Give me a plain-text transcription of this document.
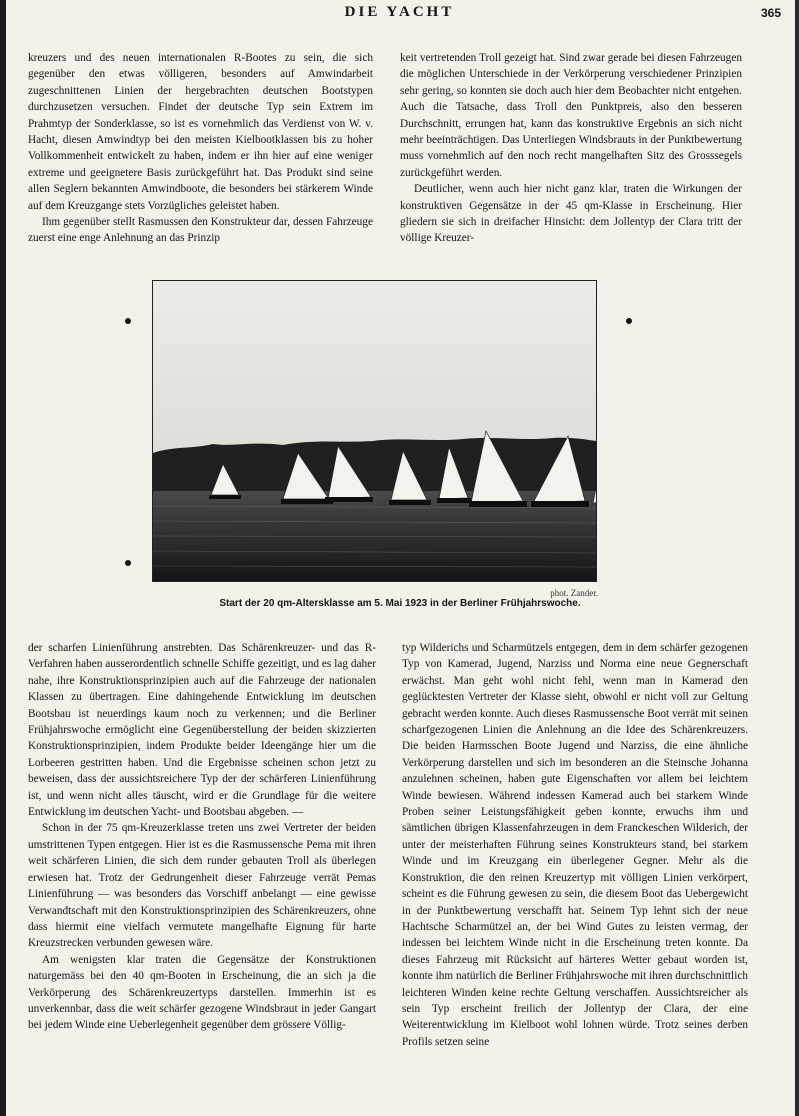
DIE YACHT	365

kreuzers und des neuen internationalen R-Bootes zu sein, die sich gegenüber den etwas völligeren, besonders auf Amwindarbeit zugeschnittenen Linien der hergebrachten deutschen Bootstypen durchzusetzen versuchen. Findet der deutsche Typ sein Extrem im Prahmtyp der Sonderklasse, so ist es vornehmlich das Verdienst von W. v. Hacht, diesen Amwindtyp bei den meisten Kielbootklassen bis zu hoher Vollkommenheit entwickelt zu haben, indem er ihn hier auf eine weniger extreme und geeignetere Basis zurückgeführt hat. Das Produkt sind seine allen Seglern bekannten Amwindboote, die besonders bei stärkerem Winde auf dem Kreuzgange stets Vorzügliches geleistet haben.

Ihm gegenüber stellt Rasmussen den Konstrukteur dar, dessen Fahrzeuge zuerst eine enge Anlehnung an das Prinzip

keit vertretenden Troll gezeigt hat. Sind zwar gerade bei diesen Fahrzeugen die möglichen Unterschiede in der Verkörperung verschiedener Prinzipien sehr gering, so konnten sie doch auch hier dem Beobachter nicht entgehen. Auch die Tatsache, dass Troll den Punktpreis, also den besseren Durchschnitt, errungen hat, kann das konstruktive Ergebnis an sich nicht mehr beeinträchtigen. Das Unterliegen Windsbrauts in der Punktbewertung muss vornehmlich auf den noch recht mangelhaften Sitz des Grosssegels zurückgeführt werden.

Deutlicher, wenn auch hier nicht ganz klar, traten die Wirkungen der konstruktiven Gegensätze in der 45 qm-Klasse in Erscheinung. Hier gliedern sie sich in dreifacher Hinsicht: dem Jollentyp der Clara tritt der völlige Kreuzer-

phot. Zander.
Start der 20 qm-Altersklasse am 5. Mai 1923 in der Berliner Frühjahrswoche.

der scharfen Linienführung anstrebten. Das Schärenkreuzer- und das R-Verfahren haben ausserordentlich schnelle Schiffe gezeitigt, und es lag daher nahe, ihre Konstruktionsprinzipien auch auf die Fahrzeuge der nationalen Klassen zu übertragen. Eine dahingehende Entwicklung im deutschen Bootsbau ist neuerdings kaum noch zu verkennen; und die Berliner Frühjahrswoche ermöglicht eine Gegenüberstellung der beiden skizzierten Konstruktionsprinzipien, indem Produkte beider Ideengänge hier um die Lorbeeren gestritten haben. Und die Ergebnisse scheinen schon jetzt zu beweisen, dass der aussichtsreichere Typ der der schärferen Linienführung ist, und wenn nicht alles täuscht, wird er die Grundlage für die weitere Entwicklung im deutschen Yacht- und Bootsbau abgeben. —

Schon in der 75 qm-Kreuzerklasse treten uns zwei Vertreter der beiden umstrittenen Typen entgegen. Hier ist es die Rasmussensche Pema mit ihren weit schärferen Linien, die sich dem runder gebauten Troll als überlegen erwiesen hat. Trotz der Gedrungenheit dieser Fahrzeuge verrät Pemas Linienführung — was besonders das Vorschiff anbelangt — eine gewisse Verwandtschaft mit den Konstruktionsprinzipien des Schärenkreuzers, ohne dass hiermit eine vielfach vermutete mangelhafte Eignung für harte Kreuzstrecken verbunden gewesen wäre.

Am wenigsten klar traten die Gegensätze der Konstruktionen naturgemäss bei den 40 qm-Booten in Erscheinung, die an sich ja die Verkörperung des Schärenkreuzertyps darstellen. Immerhin ist es unverkennbar, dass die weit schärfer gezogene Windsbraut in jeder Gangart bei jedem Winde eine Ueberlegenheit gegenüber dem grössere Völlig-

typ Wilderichs und Scharmützels entgegen, dem in dem schärfer gezogenen Typ von Kamerad, Jugend, Narziss und Norma eine neue Gegnerschaft erwächst. Man geht wohl nicht fehl, wenn man in Kamerad den geglücktesten Vertreter der Klasse sieht, obwohl er nicht voll zur Geltung gebracht werden konnte. Auch dieses Rasmussensche Boot verrät mit seinen scharfgezogenen Linien die Anlehnung an die Idee des Schärenkreuzers. Die beiden Harmsschen Boote Jugend und Narziss, die eine ähnliche Verkörperung darstellen und sich im besonderen an die Steinsche Johanna anzulehnen scheinen, haben gute Eigenschaften vor allem bei leichtem Winde bewiesen. Während indessen Kamerad auch bei starkem Winde Proben seiner Leistungsfähigkeit geben konnte, erwuchs ihm und sämtlichen übrigen Klassenfahrzeugen in dem Franckeschen Wilderich, der unter der meisterhaften Führung seines Konstrukteurs stand, bei starkem Winde und im Kreuzgang ein überlegener Gegner. Mehr als die Konstruktion, die den reinen Kreuzertyp mit völligen Linien verkörpert, scheint es die Führung gewesen zu sein, die diesem Boot das Uebergewicht in der Punktbewertung verschafft hat. Seinem Typ lehnt sich der neue Hachtsche Scharmützel an, der bei Wind Gutes zu leisten vermag, der indessen bei leichtem Winde nicht in die Erscheinung treten konnte. Da dieses Fahrzeug mit Rücksicht auf härteres Wetter gebaut worden ist, konnte ihm natürlich die Berliner Frühjahrswoche mit ihren durchschnittlich leichteren Winden keine rechte Geltung verschaffen. Aussichtsreicher als sein Typ erscheint freilich der Jollentyp der Clara, der eine Weiterentwicklung im Kielboot wohl lohnen würde. Trotz seines derben Profils setzen seine
